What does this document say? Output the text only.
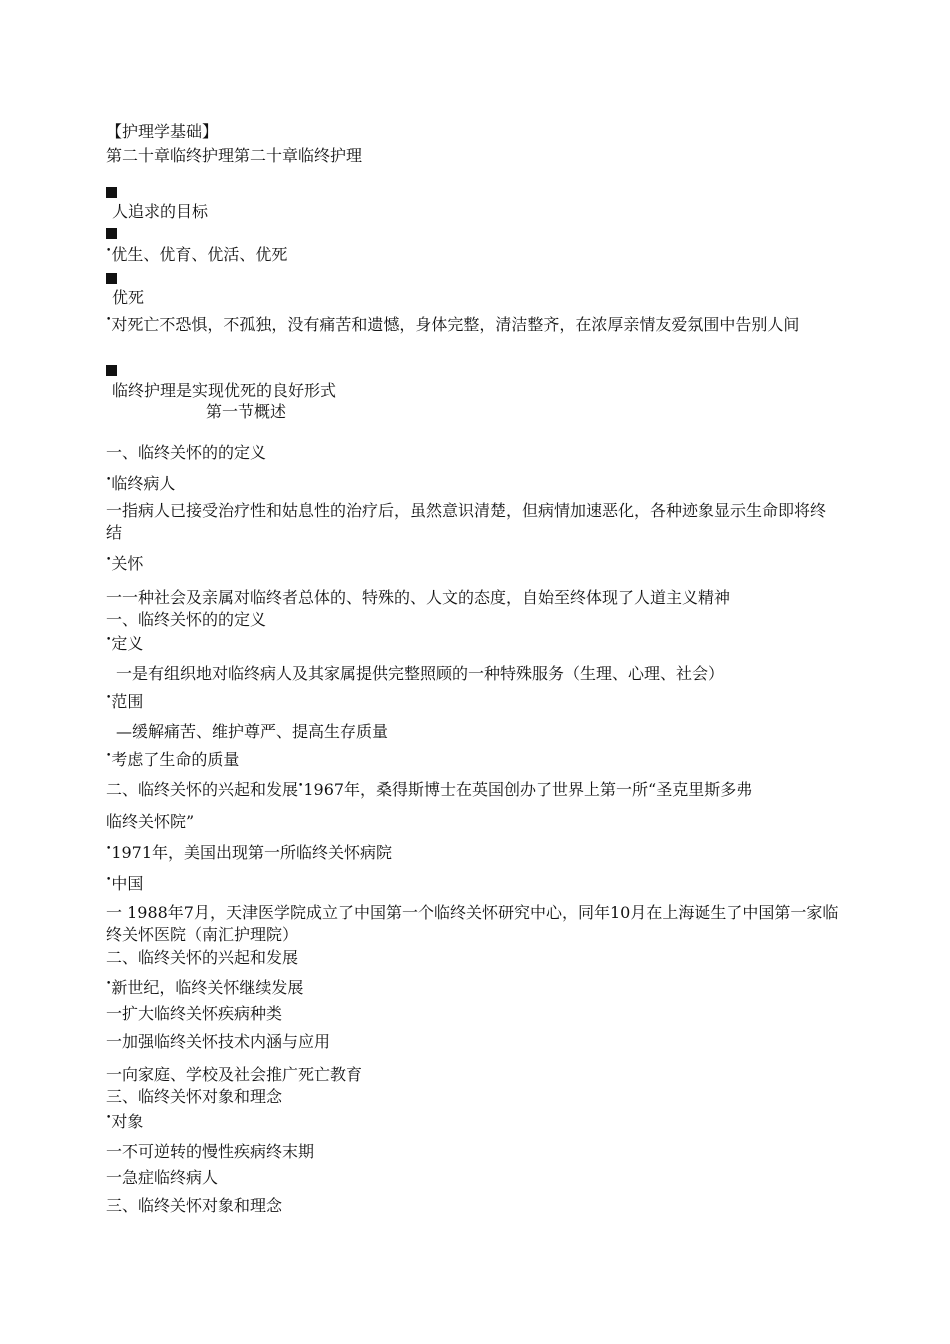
【护理学基础】
第二十章临终护理第二十章临终护理
人追求的目标
•优生、优育、优活、优死
优死
•对死亡不恐惧，不孤独，没有痛苦和遗憾，身体完整，清洁整齐，在浓厚亲情友爱氛围中告别人间
临终护理是实现优死的良好形式
第一节概述
一、临终关怀的的定义
•临终病人
一指病人已接受治疗性和姑息性的治疗后，虽然意识清楚，但病情加速恶化，各种迹象显示生命即将终结
•关怀
一一种社会及亲属对临终者总体的、特殊的、人文的态度，自始至终体现了人道主义精神
一、临终关怀的的定义
•定义
一是有组织地对临终病人及其家属提供完整照顾的一种特殊服务（生理、心理、社会）
•范围
—缓解痛苦、维护尊严、提高生存质量
•考虑了生命的质量
二、临终关怀的兴起和发展•1967年，桑得斯博士在英国创办了世界上第一所“圣克里斯多弗
临终关怀院”
•1971年，美国出现第一所临终关怀病院
•中国
一 1988年7月，天津医学院成立了中国第一个临终关怀研究中心，同年10月在上海诞生了中国第一家临终关怀医院（南汇护理院）
二、临终关怀的兴起和发展
•新世纪，临终关怀继续发展
一扩大临终关怀疾病种类
一加强临终关怀技术内涵与应用
一向家庭、学校及社会推广死亡教育
三、临终关怀对象和理念
•对象
一不可逆转的慢性疾病终末期
一急症临终病人
三、临终关怀对象和理念
